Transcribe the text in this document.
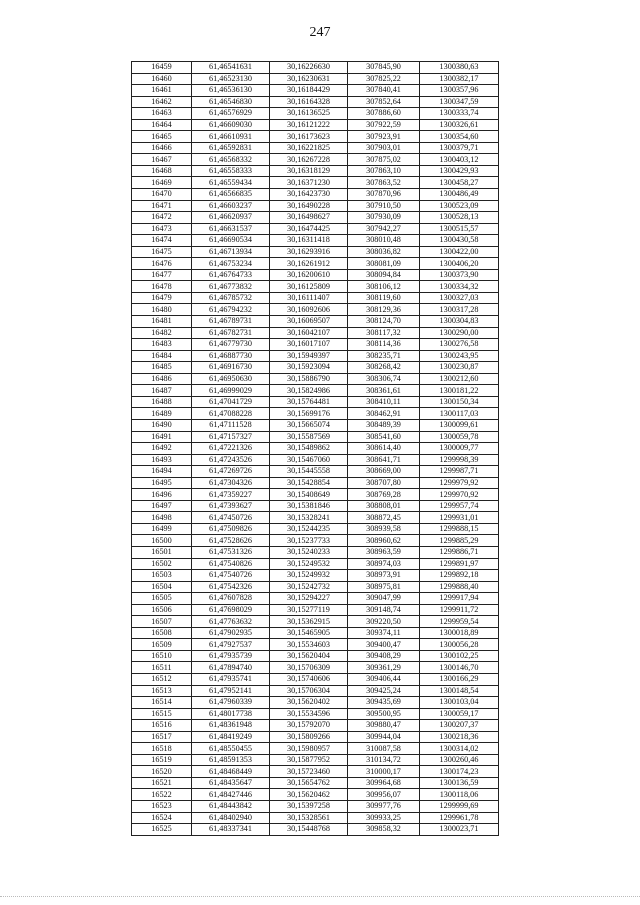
247
16459	61,46541631	30,16226630	307845,90	1300380,63
16460	61,46523130	30,16230631	307825,22	1300382,17
16461	61,46536130	30,16184429	307840,41	1300357,96
16462	61,46546830	30,16164328	307852,64	1300347,59
16463	61,46576929	30,16136525	307886,60	1300333,74
16464	61,46609030	30,16121222	307922,59	1300326,61
16465	61,46610931	30,16173623	307923,91	1300354,60
16466	61,46592831	30,16221825	307903,01	1300379,71
16467	61,46568332	30,16267228	307875,02	1300403,12
16468	61,46558333	30,16318129	307863,10	1300429,93
16469	61,46559434	30,16371230	307863,52	1300458,27
16470	61,46566835	30,16423730	307870,96	1300486,49
16471	61,46603237	30,16490228	307910,50	1300523,09
16472	61,46620937	30,16498627	307930,09	1300528,13
16473	61,46631537	30,16474425	307942,27	1300515,57
16474	61,46690534	30,16311418	308010,48	1300430,58
16475	61,46713934	30,16293916	308036,82	1300422,00
16476	61,46753234	30,16261912	308081,09	1300406,20
16477	61,46764733	30,16200610	308094,84	1300373,90
16478	61,46773832	30,16125809	308106,12	1300334,32
16479	61,46785732	30,16111407	308119,60	1300327,03
16480	61,46794232	30,16092606	308129,36	1300317,28
16481	61,46789731	30,16069507	308124,70	1300304,83
16482	61,46782731	30,16042107	308117,32	1300290,00
16483	61,46779730	30,16017107	308114,36	1300276,58
16484	61,46887730	30,15949397	308235,71	1300243,95
16485	61,46916730	30,15923094	308268,42	1300230,87
16486	61,46950630	30,15886790	308306,74	1300212,60
16487	61,46999029	30,15824986	308361,61	1300181,22
16488	61,47041729	30,15764481	308410,11	1300150,34
16489	61,47088228	30,15699176	308462,91	1300117,03
16490	61,47111528	30,15665074	308489,39	1300099,61
16491	61,47157327	30,15587569	308541,60	1300059,78
16492	61,47221326	30,15489862	308614,40	1300009,77
16493	61,47243526	30,15467060	308641,71	1299998,39
16494	61,47269726	30,15445558	308669,00	1299987,71
16495	61,47304326	30,15428854	308707,80	1299979,92
16496	61,47359227	30,15408649	308769,28	1299970,92
16497	61,47393627	30,15381846	308808,01	1299957,74
16498	61,47450726	30,15328241	308872,45	1299931,01
16499	61,47509826	30,15244235	308939,58	1299888,15
16500	61,47528626	30,15237733	308960,62	1299885,29
16501	61,47531326	30,15240233	308963,59	1299886,71
16502	61,47540826	30,15249532	308974,03	1299891,97
16503	61,47540726	30,15249932	308973,91	1299892,18
16504	61,47542326	30,15242732	308975,81	1299888,40
16505	61,47607828	30,15294227	309047,99	1299917,94
16506	61,47698029	30,15277119	309148,74	1299911,72
16507	61,47763632	30,15362915	309220,50	1299959,54
16508	61,47902935	30,15465905	309374,11	1300018,89
16509	61,47927537	30,15534603	309400,47	1300056,28
16510	61,47935739	30,15620404	309408,29	1300102,25
16511	61,47894740	30,15706309	309361,29	1300146,70
16512	61,47935741	30,15740606	309406,44	1300166,29
16513	61,47952141	30,15706304	309425,24	1300148,54
16514	61,47960339	30,15620402	309435,69	1300103,04
16515	61,48017738	30,15534596	309500,95	1300059,17
16516	61,48361948	30,15792070	309880,47	1300207,37
16517	61,48419249	30,15809266	309944,04	1300218,36
16518	61,48550455	30,15980957	310087,58	1300314,02
16519	61,48591353	30,15877952	310134,72	1300260,46
16520	61,48468449	30,15723460	310000,17	1300174,23
16521	61,48435647	30,15654762	309964,68	1300136,59
16522	61,48427446	30,15620462	309956,07	1300118,06
16523	61,48443842	30,15397258	309977,76	1299999,69
16524	61,48402940	30,15328561	309933,25	1299961,78
16525	61,48337341	30,15448768	309858,32	1300023,71
